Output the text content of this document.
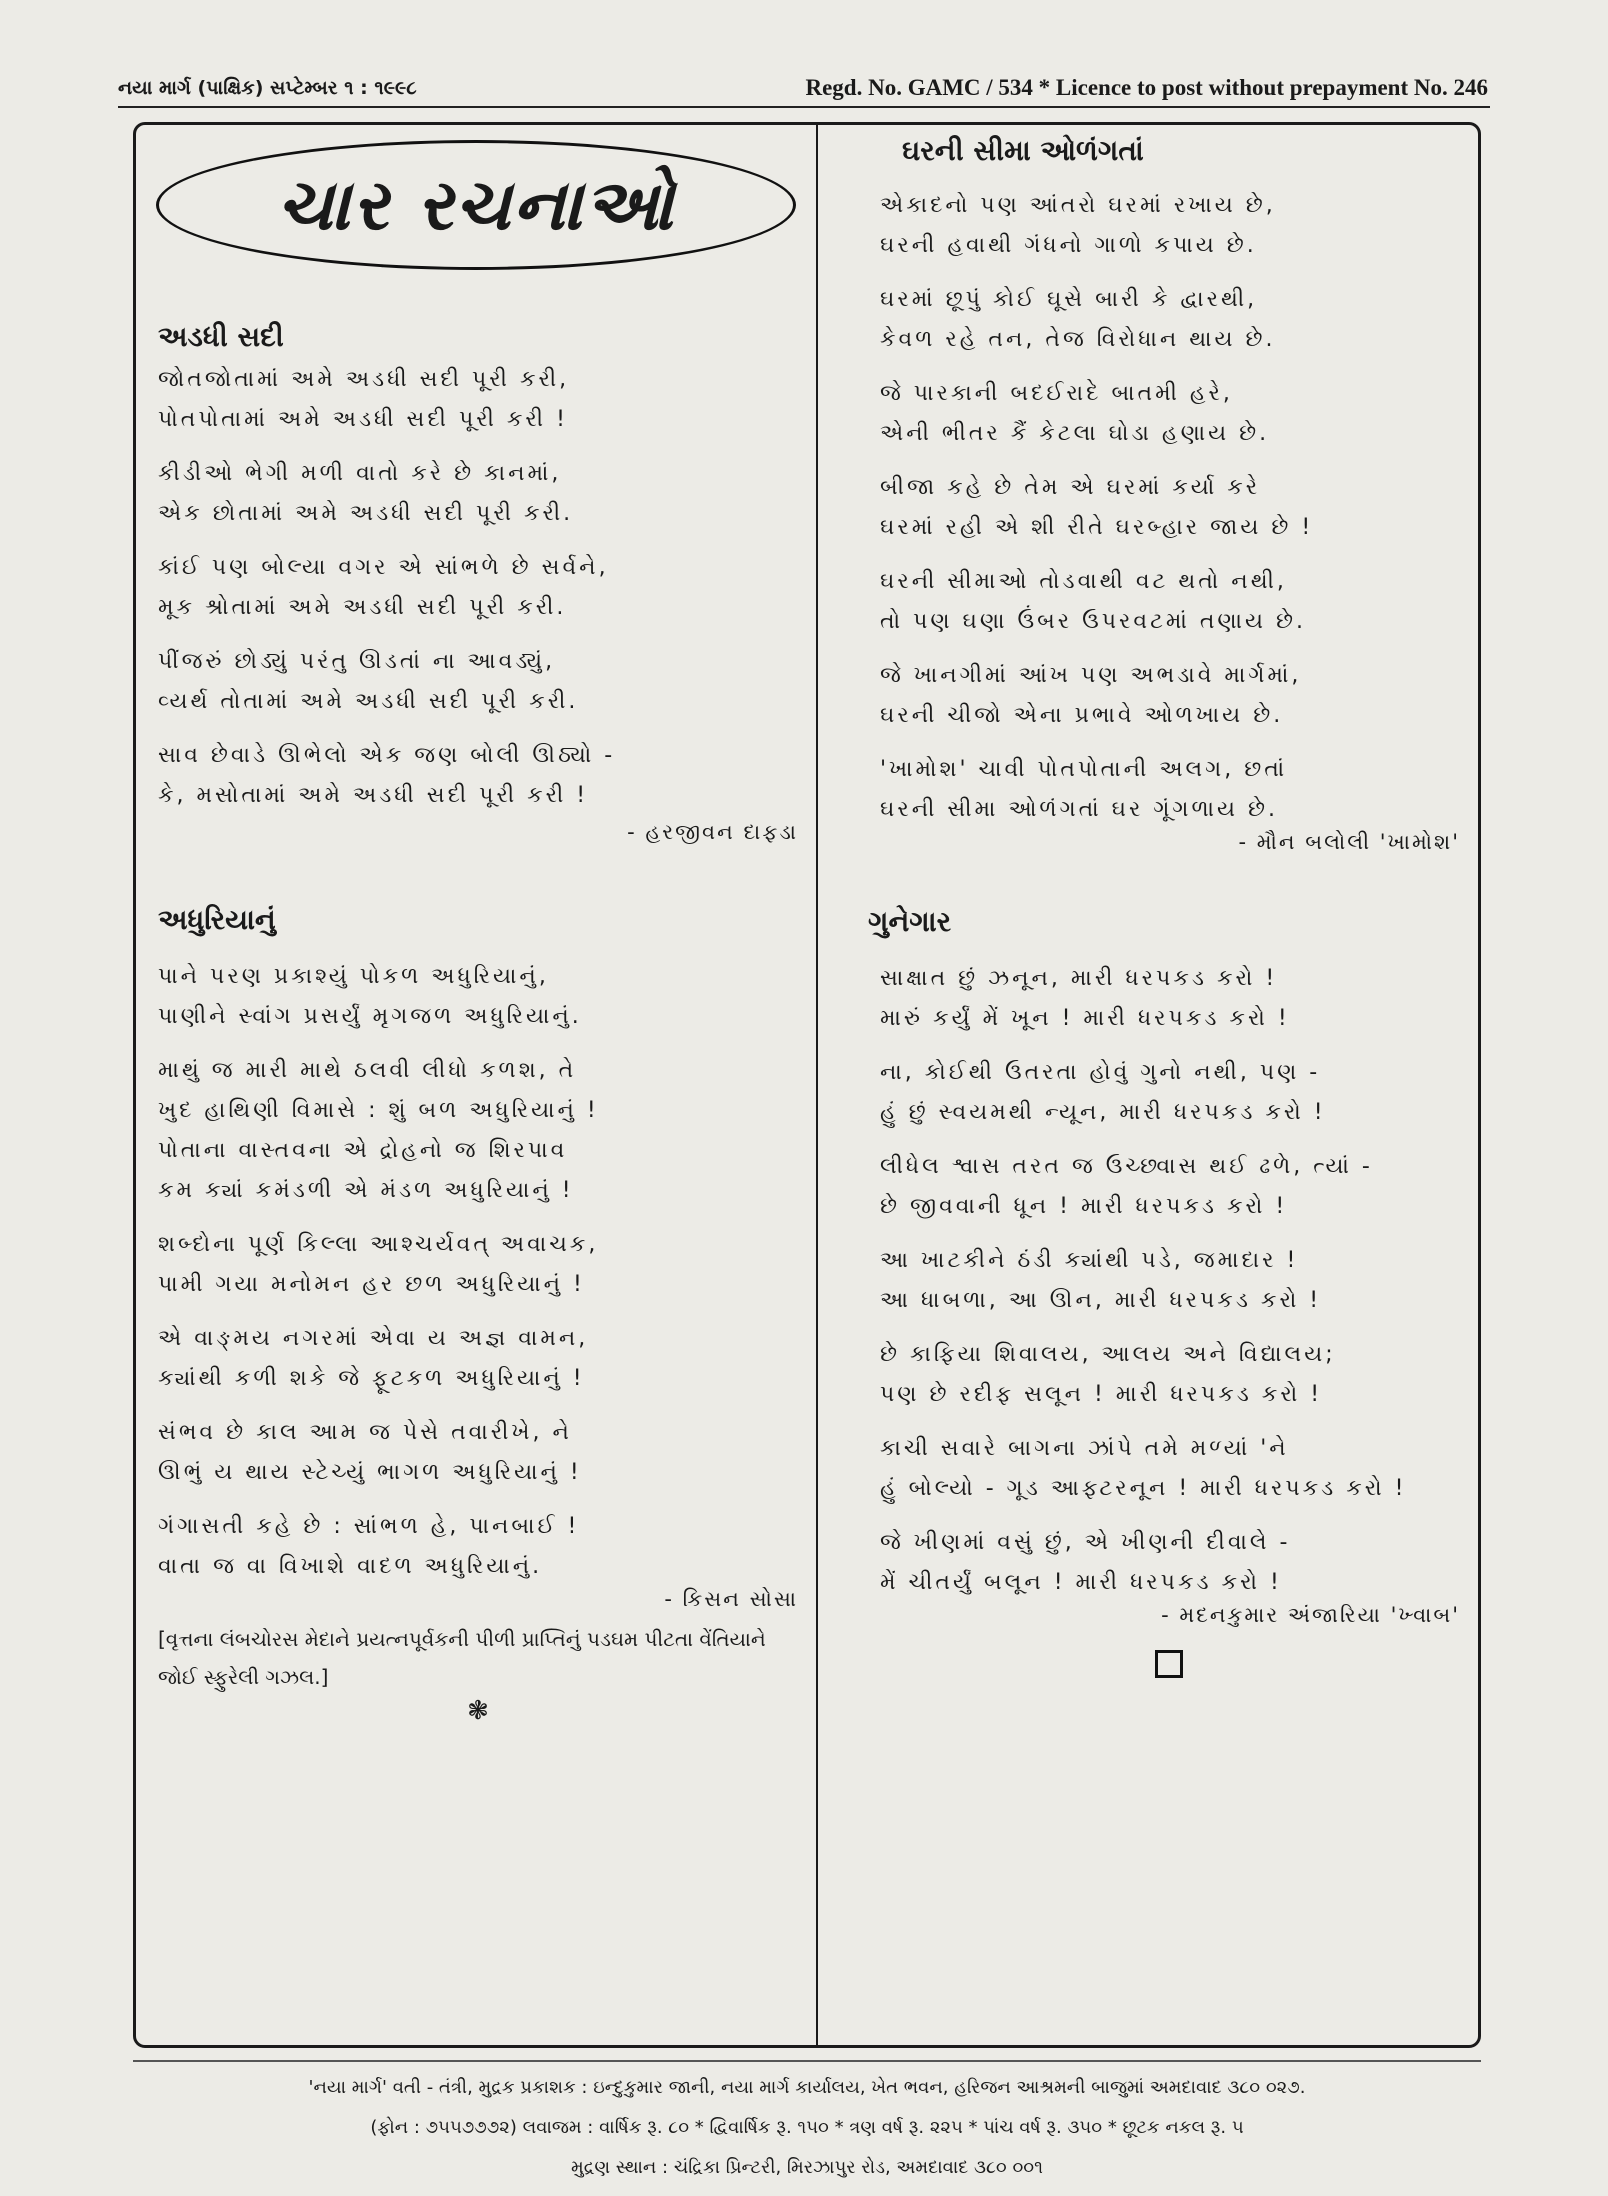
નયા માર્ગ (પાક્ષિક) સપ્ટેમ્બર ૧ : ૧૯૯૮	Regd. No. GAMC / 534 * Licence to post without prepayment No. 246
ચાર રચનાઓ
અડધી સદી
જોતજોતામાં અમે અડધી સદી પૂરી કરી,
પોતપોતામાં અમે અડધી સદી પૂરી કરી !
કીડીઓ ભેગી મળી વાતો કરે છે કાનમાં,
એક છોતામાં અમે અડધી સદી પૂરી કરી.
કાંઈ પણ બોલ્યા વગર એ સાંભળે છે સર્વને,
મૂક શ્રોતામાં અમે અડધી સદી પૂરી કરી.
પીંજરું છોડ્યું પરંતુ ઊડતાં ના આવડ્યું,
વ્યર્થ તોતામાં અમે અડધી સદી પૂરી કરી.
સાવ છેવાડે ઊભેલો એક જણ બોલી ઊઠ્યો -
કે, મસોતામાં અમે અડધી સદી પૂરી કરી !
- હરજીવન દાફડા
અધુરિયાનું
પાને પરણ પ્રકાશ્યું પોકળ અધુરિયાનું,
પાણીને સ્વાંગ પ્રસર્યું મૃગજળ અધુરિયાનું.
માથું જ મારી માથે ઠલવી લીધો કળશ, તે
ખુદ હાથિણી વિમાસે : શું બળ અધુરિયાનું !
પોતાના વાસ્તવના એ દ્રોહનો જ શિરપાવ
કમ ક્યાં કમંડળી એ મંડળ અધુરિયાનું !
શબ્દોના પૂર્ણ કિલ્લા આશ્ચર્યવત્ અવાચક,
પામી ગયા મનોમન હર છળ અધુરિયાનું !
એ વાઙ્મય નગરમાં એવા ય અજ્ઞ વામન,
ક્યાંથી કળી શકે જે ફૂટકળ અધુરિયાનું !
સંભવ છે કાલ આમ જ પેસે તવારીખે, ને
ઊભું ય થાય સ્ટેચ્યું ભાગળ અધુરિયાનું !
ગંગાસતી કહે છે : સાંભળ હે, પાનબાઈ !
વાતા જ વા વિખાશે વાદળ અધુરિયાનું.
- કિસન સોસા
[વૃત્તના લંબચોરસ મેદાને પ્રયત્નપૂર્વકની પીળી પ્રાપ્તિનું પડઘમ પીટતા વેંતિયાને જોઈ સ્ફુરેલી ગઝલ.]
❃
ઘરની સીમા ઓળંગતાં
એકાદનો પણ આંતરો ઘરમાં રખાય છે,
ઘરની હવાથી ગંધનો ગાળો કપાય છે.
ઘરમાં છૂપું કોઈ ઘૂસે બારી કે દ્વારથી,
કેવળ રહે તન, તેજ વિરોધાન થાય છે.
જે પારકાની બદઈરાદે બાતમી હરે,
એની ભીતર કૈં કેટલા ઘોડા હણાય છે.
બીજા કહે છે તેમ એ ઘરમાં કર્યા કરે
ઘરમાં રહી એ શી રીતે ઘરબ્હાર જાય છે !
ઘરની સીમાઓ તોડવાથી વટ થતો નથી,
તો પણ ઘણા ઉંબર ઉપરવટમાં તણાય છે.
જે ખાનગીમાં આંખ પણ અભડાવે માર્ગમાં,
ઘરની ચીજો એના પ્રભાવે ઓળખાય છે.
'ખામોશ' ચાવી પોતપોતાની અલગ, છતાં
ઘરની સીમા ઓળંગતાં ઘર ગૂંગળાય છે.
- મૌન બલોલી 'ખામોશ'
ગુનેગાર
સાક્ષાત છું ઝનૂન, મારી ધરપકડ કરો !
મારું કર્યું મેં ખૂન ! મારી ધરપકડ કરો !
ના, કોઈથી ઉતરતા હોવું ગુનો નથી, પણ -
હું છું સ્વયમથી ન્યૂન, મારી ધરપકડ કરો !
લીધેલ શ્વાસ તરત જ ઉચ્છ્વાસ થઈ ઢળે, ત્યાં -
છે જીવવાની ધૂન ! મારી ધરપકડ કરો !
આ ખાટકીને ઠંડી ક્યાંથી પડે, જમાદાર !
આ ધાબળા, આ ઊન, મારી ધરપકડ કરો !
છે કાફિયા શિવાલય, આલય અને વિદ્યાલય;
પણ છે રદીફ સલૂન ! મારી ધરપકડ કરો !
કાચી સવારે બાગના ઝાંપે તમે મળ્યાં 'ને
હું બોલ્યો - ગૂડ આફ્ટરનૂન ! મારી ધરપકડ કરો !
જે ખીણમાં વસું છું, એ ખીણની દીવાલે -
મેં ચીતર્યું બલૂન ! મારી ધરપકડ કરો !
- મદનકુમાર અંજારિયા 'ખ્વાબ'
'નયા માર્ગ' વતી - તંત્રી, મુદ્રક પ્રકાશક : ઇન્દુકુમાર જાની, નયા માર્ગ કાર્યાલય, ખેત ભવન, હરિજન આશ્રમની બાજુમાં અમદાવાદ ૩૮૦ ૦૨૭.
(ફોન : ૭૫૫૭૭૭૨) લવાજમ : વાર્ષિક રૂ. ૮૦ * દ્વિવાર્ષિક રૂ. ૧૫૦ * ત્રણ વર્ષ રૂ. ૨૨૫ * પાંચ વર્ષ રૂ. ૩૫૦ * છૂટક નકલ રૂ. ૫
મુદ્રણ સ્થાન : ચંદ્રિકા પ્રિન્ટરી, મિરઝાપુર રોડ, અમદાવાદ ૩૮૦ ૦૦૧
